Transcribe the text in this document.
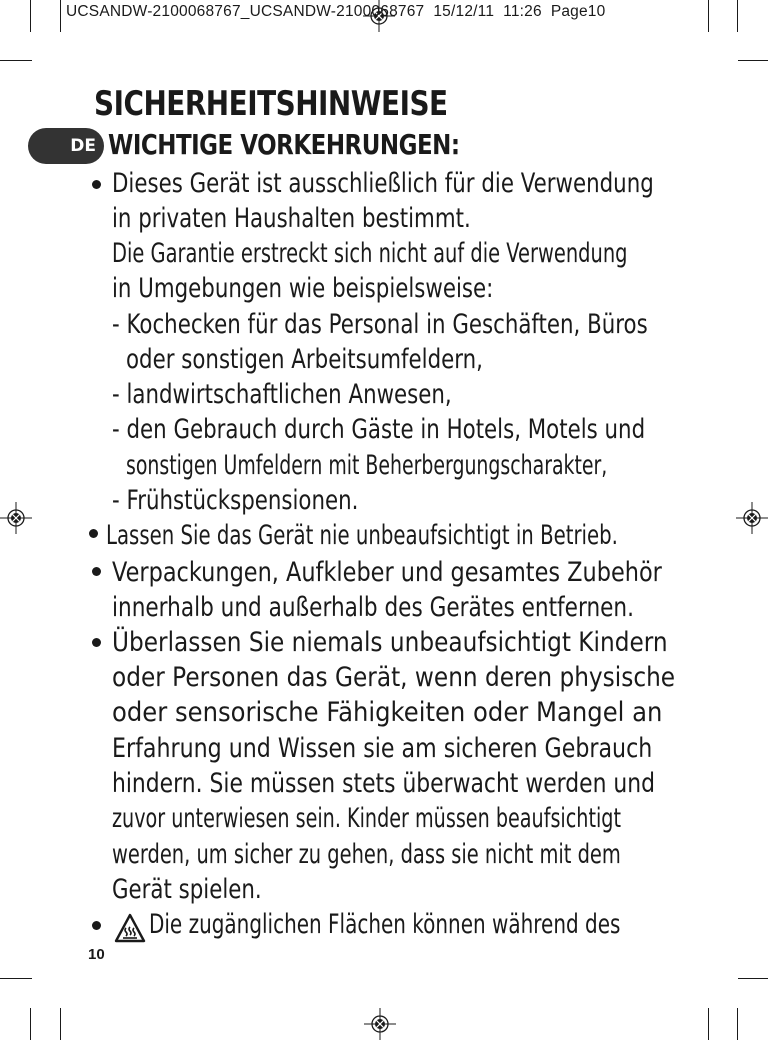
UCSANDW-2100068767_UCSANDW-2100068767  15/12/11  11:26  Page10
SICHERHEITSHINWEISE
DE WICHTIGE VORKEHRUNGEN:
Dieses Gerät ist ausschließlich für die Verwendung
in privaten Haushalten bestimmt.
Die Garantie erstreckt sich nicht auf die Verwendung
in Umgebungen wie beispielsweise:
- Kochecken für das Personal in Geschäften, Büros
oder sonstigen Arbeitsumfeldern,
- landwirtschaftlichen Anwesen,
- den Gebrauch durch Gäste in Hotels, Motels und
sonstigen Umfeldern mit Beherbergungscharakter,
- Frühstückspensionen.
Lassen Sie das Gerät nie unbeaufsichtigt in Betrieb.
Verpackungen, Aufkleber und gesamtes Zubehör
innerhalb und außerhalb des Gerätes entfernen.
Überlassen Sie niemals unbeaufsichtigt Kindern
oder Personen das Gerät, wenn deren physische
oder sensorische Fähigkeiten oder Mangel an
Erfahrung und Wissen sie am sicheren Gebrauch
hindern. Sie müssen stets überwacht werden und
zuvor unterwiesen sein. Kinder müssen beaufsichtigt
werden, um sicher zu gehen, dass sie nicht mit dem
Gerät spielen.
Die zugänglichen Flächen können während des
10
